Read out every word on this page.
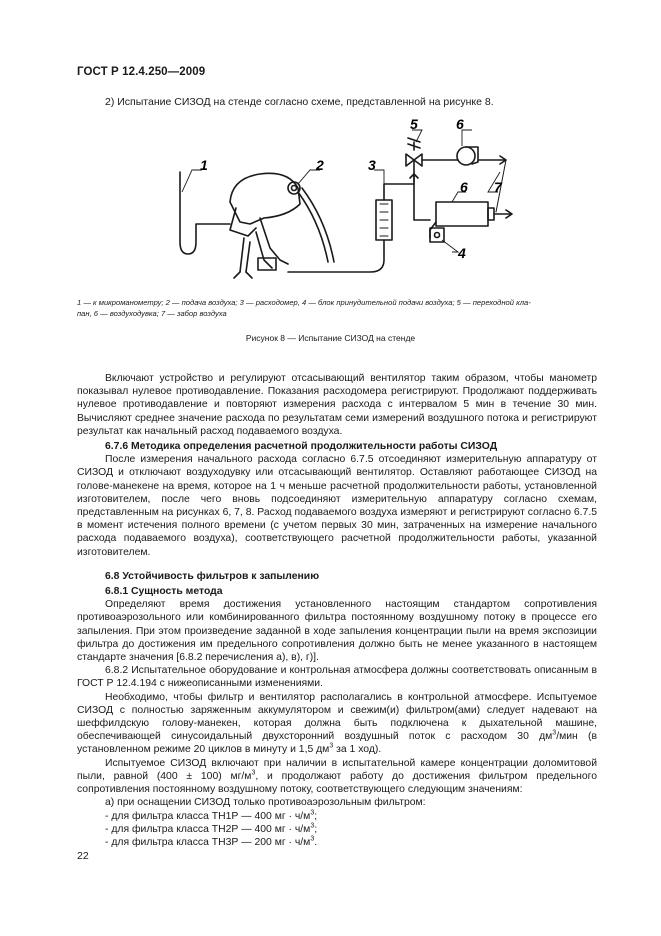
ГОСТ Р 12.4.250—2009
2) Испытание СИЗОД на стенде согласно схеме, представленной на рисунке 8.
1	2	3
4
5	6
6 7
1 — к микроманометру; 2 — подача воздуха; 3 — расходомер, 4 — блок принудительной подачи воздуха; 5 — переходной кла-
пан, 6 — воздуходувка; 7 — забор воздуха
Рисунок 8 — Испытание СИЗОД на стенде

Включают устройство и регулируют отсасывающий вентилятор таким образом, чтобы манометр показывал нулевое противодавление. Показания расходомера регистрируют. Продолжают поддерживать нулевое противодавление и повторяют измерения расхода с интервалом 5 мин в течение 30 мин. Вычисляют среднее значение расхода по результатам семи измерений воздушного потока и регистрируют результат как начальный расход подаваемого воздуха.

6.7.6 Методика определения расчетной продолжительности работы СИЗОД

После измерения начального расхода согласно 6.7.5 отсоединяют измерительную аппаратуру от СИЗОД и отключают воздуходувку или отсасывающий вентилятор. Оставляют работающее СИЗОД на голове-манекене на время, которое на 1 ч меньше расчетной продолжительности работы, установленной изготовителем, после чего вновь подсоединяют измерительную аппаратуру согласно схемам, представленным на рисунках 6, 7, 8. Расход подаваемого воздуха измеряют и регистрируют согласно 6.7.5 в момент истечения полного времени (с учетом первых 30 мин, затраченных на измерение начального расхода подаваемого воздуха), соответствующего расчетной продолжительности работы, указанной изготовителем.

6.8 Устойчивость фильтров к запылению
6.8.1 Сущность метода

Определяют время достижения установленного настоящим стандартом сопротивления противоаэрозольного или комбинированного фильтра постоянному воздушному потоку в процессе его запыления. При этом произведение заданной в ходе запыления концентрации пыли на время экспозиции фильтра до достижения им предельного сопротивления должно быть не менее указанного в настоящем стандарте значения [6.8.2 перечисления а), в), г)].

6.8.2 Испытательное оборудование и контрольная атмосфера должны соответствовать описанным в ГОСТ Р 12.4.194 с нижеописанными изменениями.

Необходимо, чтобы фильтр и вентилятор располагались в контрольной атмосфере. Испытуемое СИЗОД с полностью заряженным аккумулятором и свежим(и) фильтром(ами) следует надевают на шеффилдскую голову-манекен, которая должна быть подключена к дыхательной машине, обеспечивающей синусоидальный двухсторонний воздушный поток с расходом 30 $дм^3$/мин (в установленном режиме 20 циклов в минуту и 1,5 $дм^3$ за 1 ход).

Испытуемое СИЗОД включают при наличии в испытательной камере концентрации доломитовой пыли, равной (400 ± 100) $мг/м^3$, и продолжают работу до достижения фильтром предельного сопротивления постоянному воздушному потоку, соответствующего следующим значениям:

а) при оснащении СИЗОД только противоаэрозольным фильтром:
- для фильтра класса ТН1Р — 400 мг · $ч/м^3$;
- для фильтра класса ТН2Р — 400 мг · $ч/м^3$;
- для фильтра класса ТН3Р — 200 мг · $ч/м^3$.
22
